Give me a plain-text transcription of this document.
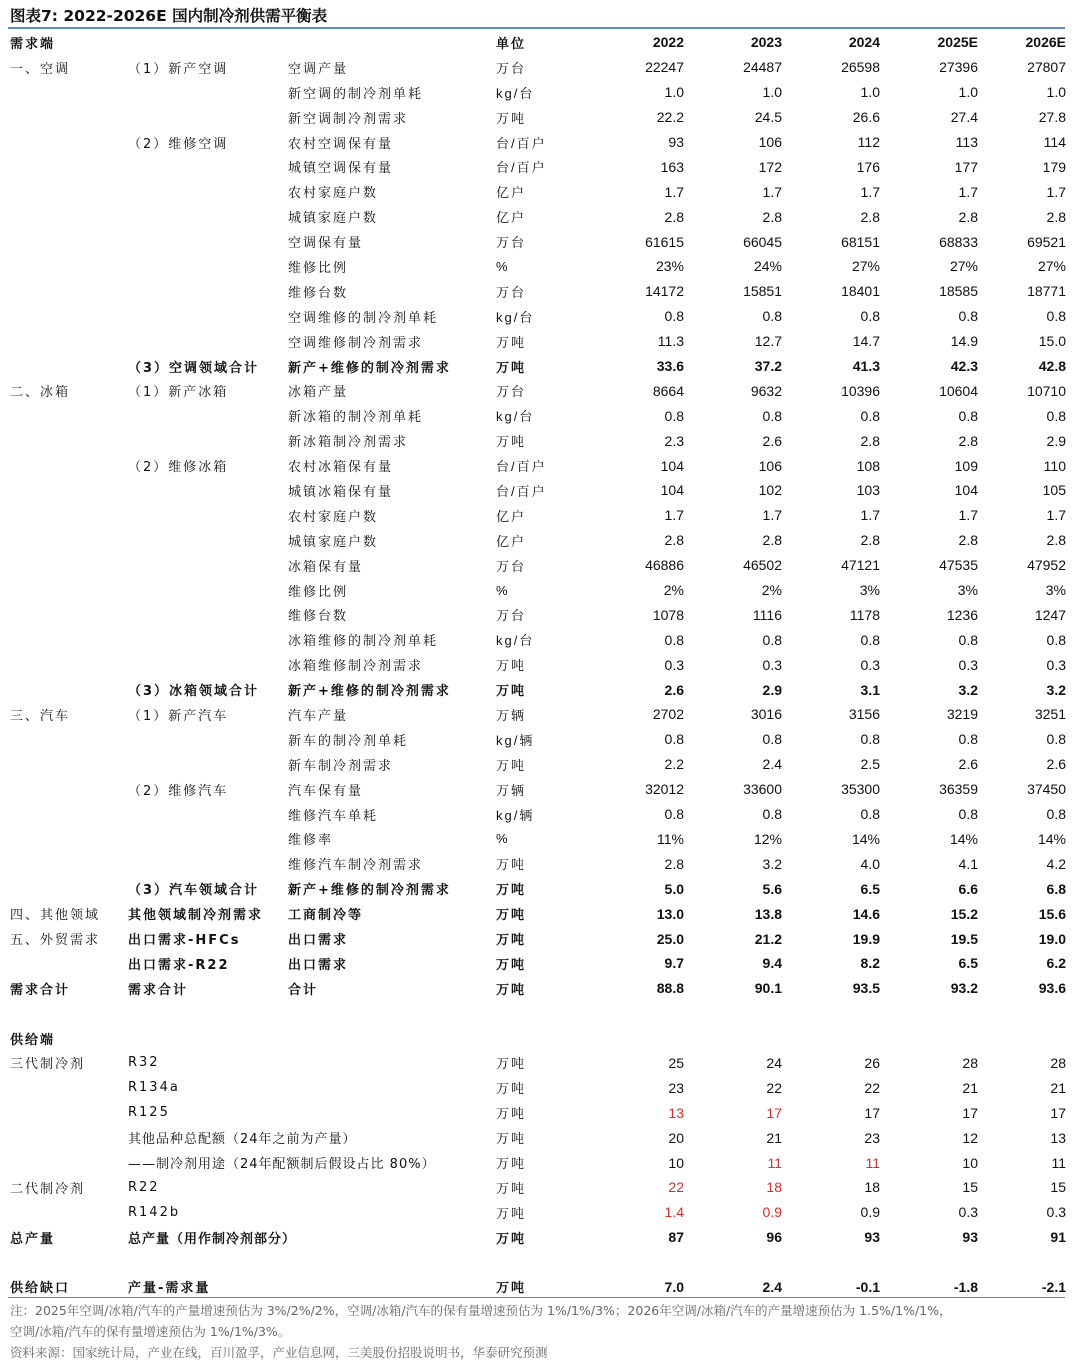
图表7: 2022-2026E 国内制冷剂供需平衡表
需求端			单位	2022	2023	2024	2025E	2026E
一、空调	（1）新产空调	空调产量	万台	22247	24487	26598	27396	27807
		新空调的制冷剂单耗	kg/台	1.0	1.0	1.0	1.0	1.0
		新空调制冷剂需求	万吨	22.2	24.5	26.6	27.4	27.8
	（2）维修空调	农村空调保有量	台/百户	93	106	112	113	114
		城镇空调保有量	台/百户	163	172	176	177	179
		农村家庭户数	亿户	1.7	1.7	1.7	1.7	1.7
		城镇家庭户数	亿户	2.8	2.8	2.8	2.8	2.8
		空调保有量	万台	61615	66045	68151	68833	69521
		维修比例	%	23%	24%	27%	27%	27%
		维修台数	万台	14172	15851	18401	18585	18771
		空调维修的制冷剂单耗	kg/台	0.8	0.8	0.8	0.8	0.8
		空调维修制冷剂需求	万吨	11.3	12.7	14.7	14.9	15.0
	（3）空调领域合计	新产+维修的制冷剂需求	万吨	33.6	37.2	41.3	42.3	42.8
二、冰箱	（1）新产冰箱	冰箱产量	万台	8664	9632	10396	10604	10710
		新冰箱的制冷剂单耗	kg/台	0.8	0.8	0.8	0.8	0.8
		新冰箱制冷剂需求	万吨	2.3	2.6	2.8	2.8	2.9
	（2）维修冰箱	农村冰箱保有量	台/百户	104	106	108	109	110
		城镇冰箱保有量	台/百户	104	102	103	104	105
		农村家庭户数	亿户	1.7	1.7	1.7	1.7	1.7
		城镇家庭户数	亿户	2.8	2.8	2.8	2.8	2.8
		冰箱保有量	万台	46886	46502	47121	47535	47952
		维修比例	%	2%	2%	3%	3%	3%
		维修台数	万台	1078	1116	1178	1236	1247
		冰箱维修的制冷剂单耗	kg/台	0.8	0.8	0.8	0.8	0.8
		冰箱维修制冷剂需求	万吨	0.3	0.3	0.3	0.3	0.3
	（3）冰箱领域合计	新产+维修的制冷剂需求	万吨	2.6	2.9	3.1	3.2	3.2
三、汽车	（1）新产汽车	汽车产量	万辆	2702	3016	3156	3219	3251
		新车的制冷剂单耗	kg/辆	0.8	0.8	0.8	0.8	0.8
		新车制冷剂需求	万吨	2.2	2.4	2.5	2.6	2.6
	（2）维修汽车	汽车保有量	万辆	32012	33600	35300	36359	37450
		维修汽车单耗	kg/辆	0.8	0.8	0.8	0.8	0.8
		维修率	%	11%	12%	14%	14%	14%
		维修汽车制冷剂需求	万吨	2.8	3.2	4.0	4.1	4.2
	（3）汽车领域合计	新产+维修的制冷剂需求	万吨	5.0	5.6	6.5	6.6	6.8
四、其他领域	其他领域制冷剂需求	工商制冷等	万吨	13.0	13.8	14.6	15.2	15.6
五、外贸需求	出口需求-HFCs	出口需求	万吨	25.0	21.2	19.9	19.5	19.0
	出口需求-R22	出口需求	万吨	9.7	9.4	8.2	6.5	6.2
需求合计	需求合计	合计	万吨	88.8	90.1	93.5	93.2	93.6

供给端								
三代制冷剂	R32		万吨	25	24	26	28	28
	R134a		万吨	23	22	22	21	21
	R125		万吨	13	17	17	17	17
	其他品种总配额（24年之前为产量）		万吨	20	21	23	12	13
	——制冷剂用途（24年配额制后假设占比 80%）		万吨	10	11	11	10	11
二代制冷剂	R22		万吨	22	18	18	15	15
	R142b		万吨	1.4	0.9	0.9	0.3	0.3
总产量	总产量（用作制冷剂部分）		万吨	87	96	93	93	91

供给缺口	产量-需求量		万吨	7.0	2.4	-0.1	-1.8	-2.1
注：2025年空调/冰箱/汽车的产量增速预估为 3%/2%/2%，空调/冰箱/汽车的保有量增速预估为 1%/1%/3%；2026年空调/冰箱/汽车的产量增速预估为 1.5%/1%/1%，
空调/冰箱/汽车的保有量增速预估为 1%/1%/3%。
资料来源：国家统计局，产业在线，百川盈孚，产业信息网，三美股份招股说明书，华泰研究预测
